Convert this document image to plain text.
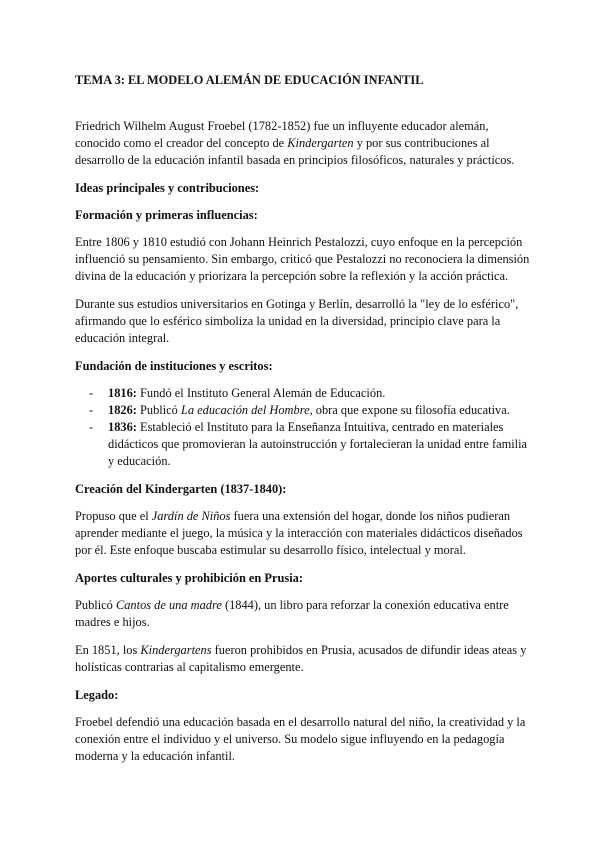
TEMA 3: EL MODELO ALEMÁN DE EDUCACIÓN INFANTIL

Friedrich Wilhelm August Froebel (1782-1852) fue un influyente educador alemán, conocido como el creador del concepto de Kindergarten y por sus contribuciones al desarrollo de la educación infantil basada en principios filosóficos, naturales y prácticos.

Ideas principales y contribuciones:
Formación y primeras influencias:

Entre 1806 y 1810 estudió con Johann Heinrich Pestalozzi, cuyo enfoque en la percepción influenció su pensamiento. Sin embargo, criticó que Pestalozzi no reconociera la dimensión divina de la educación y priorizara la percepción sobre la reflexión y la acción práctica.

Durante sus estudios universitarios en Gotinga y Berlín, desarrolló la "ley de lo esférico", afirmando que lo esférico simboliza la unidad en la diversidad, principio clave para la educación integral.

Fundación de instituciones y escritos:
- 1816: Fundó el Instituto General Alemán de Educación.
- 1826: Publicó La educación del Hombre, obra que expone su filosofía educativa.
- 1836: Estableció el Instituto para la Enseñanza Intuitiva, centrado en materiales didácticos que promovieran la autoinstrucción y fortalecieran la unidad entre familia y educación.
Creación del Kindergarten (1837-1840):

Propuso que el Jardín de Niños fuera una extensión del hogar, donde los niños pudieran aprender mediante el juego, la música y la interacción con materiales didácticos diseñados por él. Este enfoque buscaba estimular su desarrollo físico, intelectual y moral.

Aportes culturales y prohibición en Prusia:

Publicó Cantos de una madre (1844), un libro para reforzar la conexión educativa entre madres e hijos.

En 1851, los Kindergartens fueron prohibidos en Prusia, acusados de difundir ideas ateas y holísticas contrarias al capitalismo emergente.

Legado:

Froebel defendió una educación basada en el desarrollo natural del niño, la creatividad y la conexión entre el individuo y el universo. Su modelo sigue influyendo en la pedagogía moderna y la educación infantil.
